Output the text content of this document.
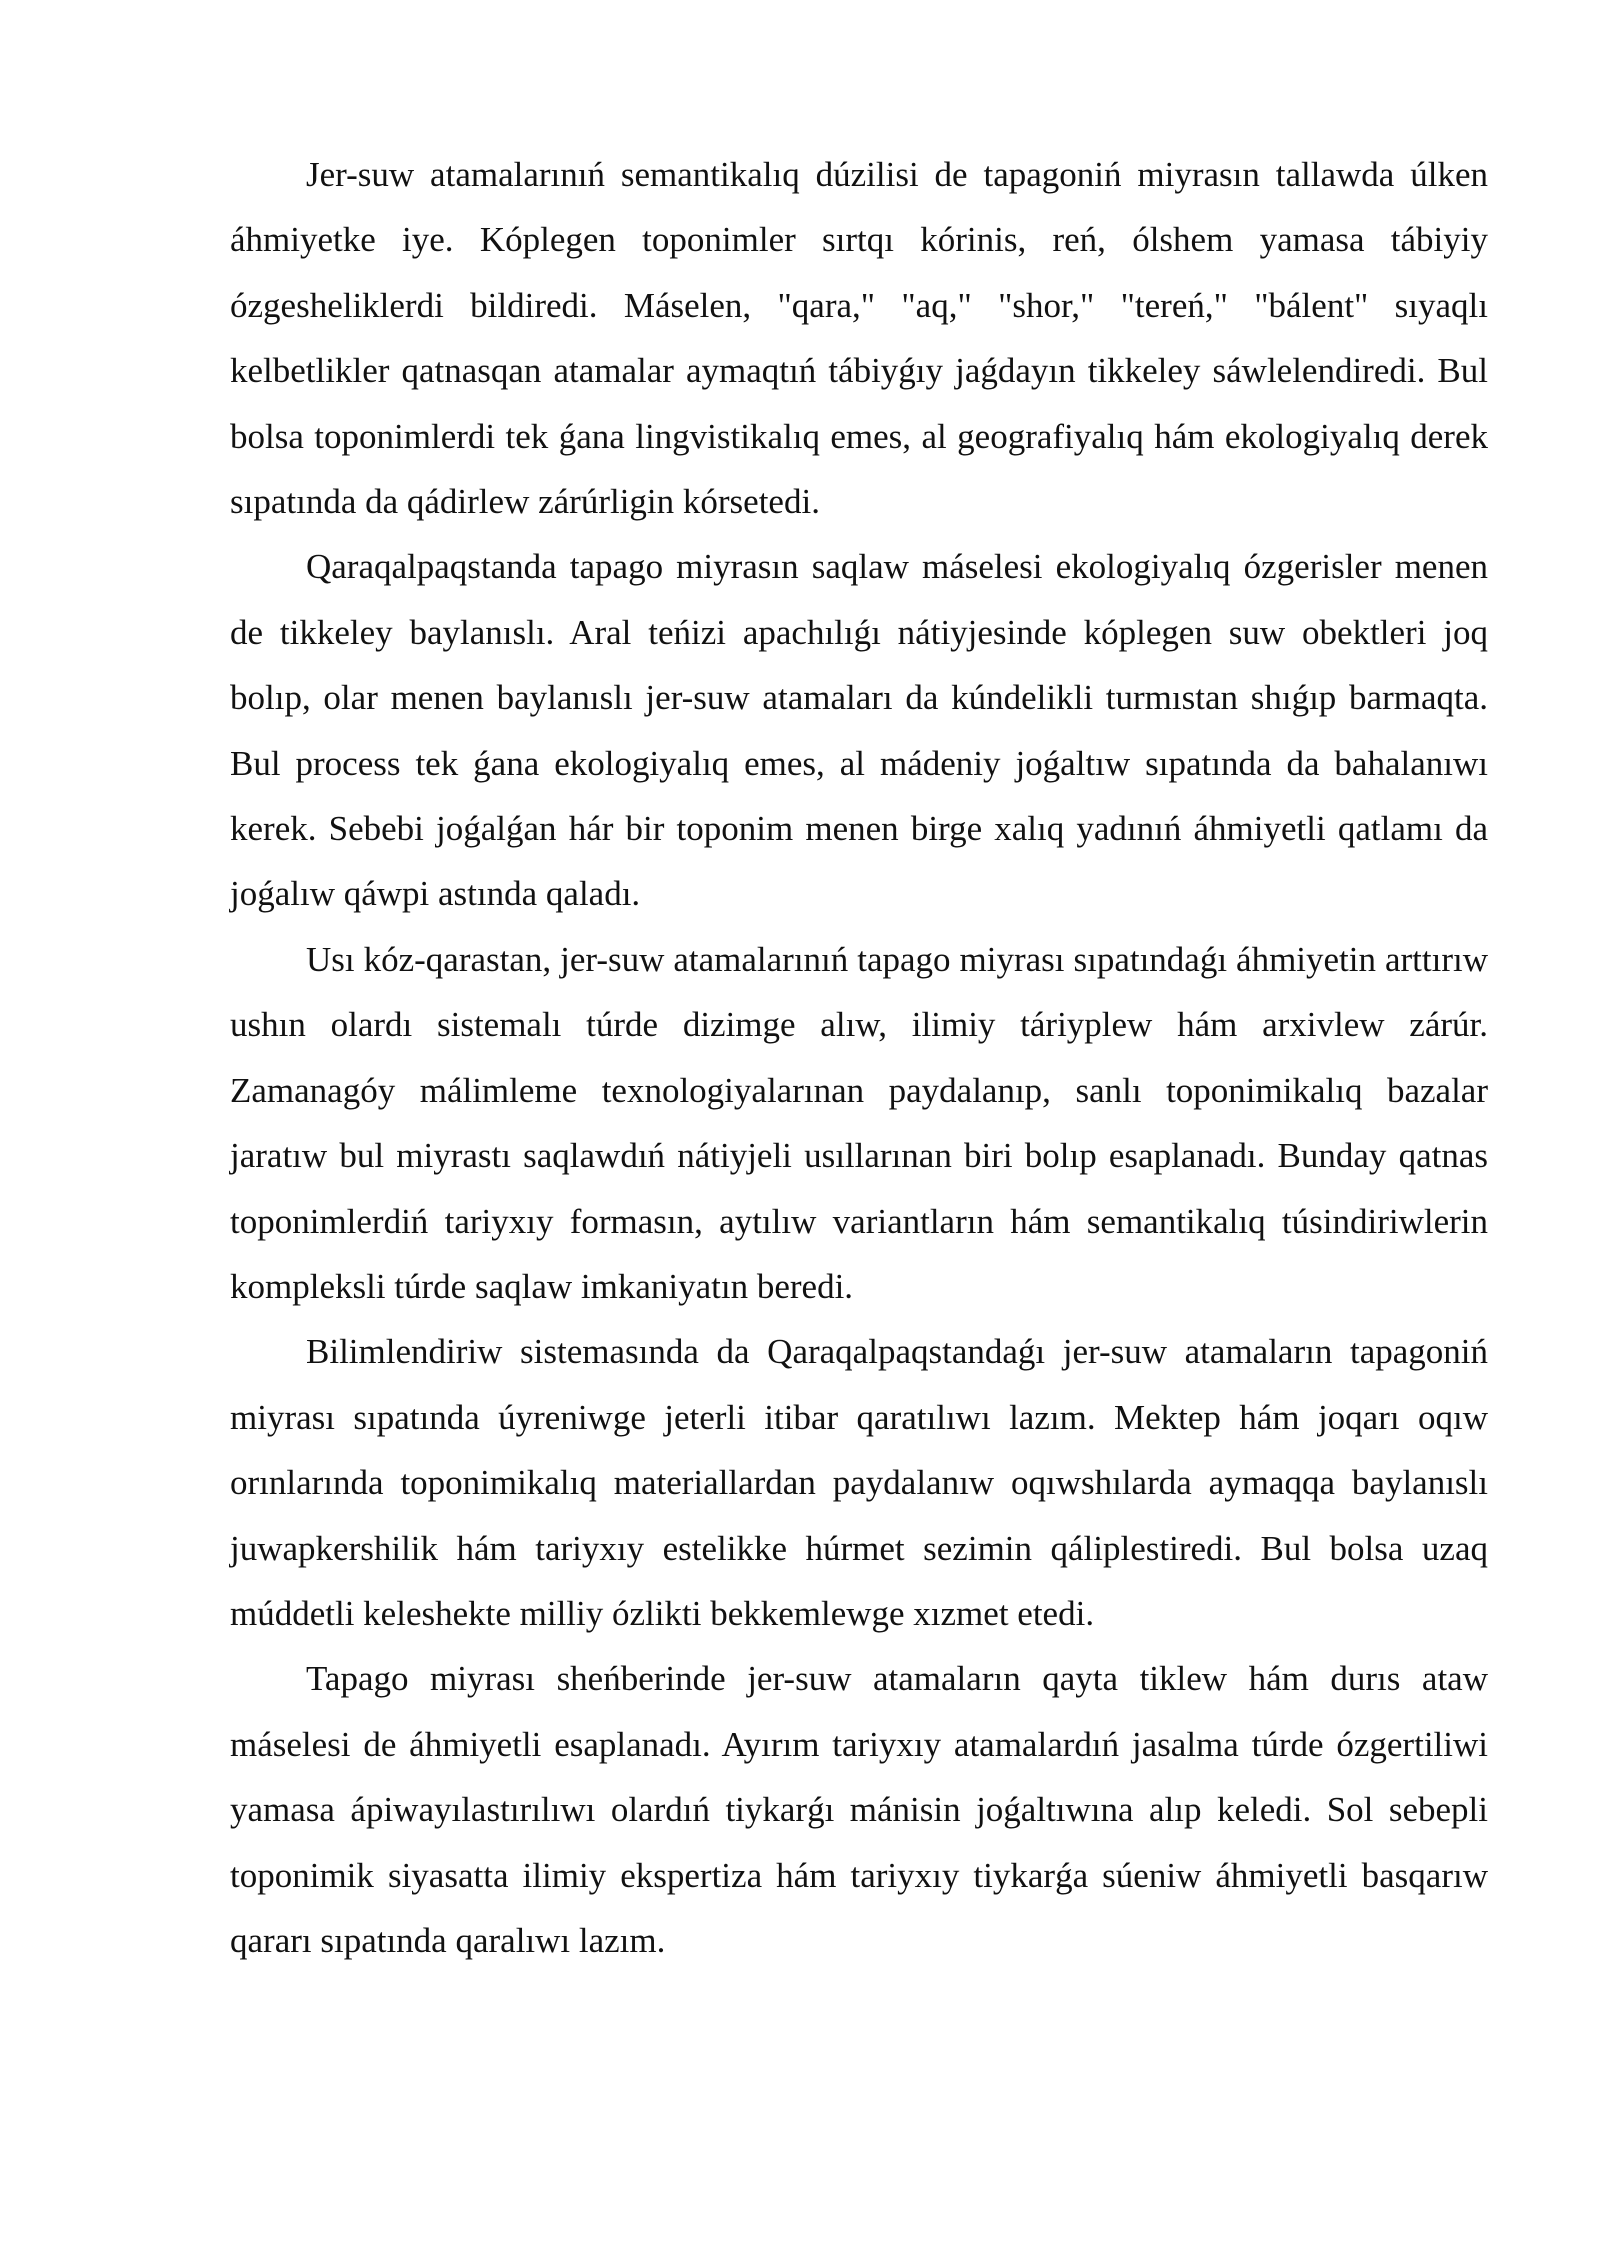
Jer-suw atamalarınıń semantikalıq dúzilisi de tapagoniń miyrasın tallawda úlken áhmiyetke iye. Kóplegen toponimler sırtqı kórinis, reń, ólshem yamasa tábiyiy ózgesheliklerdi bildiredi. Máselen, "qara," "aq," "shor," "tereń," "bálent" sıyaqlı kelbetlikler qatnasqan atamalar aymaqtıń tábiyǵıy jaǵdayın tikkeley sáwlelendiredi. Bul bolsa toponimlerdi tek ǵana lingvistikalıq emes, al geografiyalıq hám ekologiyalıq derek sıpatında da qádirlew zárúrligin kórsetedi.

Qaraqalpaqstanda tapago miyrasın saqlaw máselesi ekologiyalıq ózgerisler menen de tikkeley baylanıslı. Aral teńizi apachılıǵı nátiyjesinde kóplegen suw obektleri joq bolıp, olar menen baylanıslı jer-suw atamaları da kúndelikli turmıstan shıǵıp barmaqta. Bul process tek ǵana ekologiyalıq emes, al mádeniy joǵaltıw sıpatında da bahalanıwı kerek. Sebebi joǵalǵan hár bir toponim menen birge xalıq yadınıń áhmiyetli qatlamı da joǵalıw qáwpi astında qaladı.

Usı kóz-qarastan, jer-suw atamalarınıń tapago miyrası sıpatındaǵı áhmiyetin arttırıw ushın olardı sistemalı túrde dizimge alıw, ilimiy táriyplew hám arxivlew zárúr. Zamanagóy málimleme texnologiyalarınan paydalanıp, sanlı toponimikalıq bazalar jaratıw bul miyrastı saqlawdıń nátiyjeli usıllarınan biri bolıp esaplanadı. Bunday qatnas toponimlerdiń tariyxıy formasın, aytılıw variantların hám semantikalıq túsindiriwlerin kompleksli túrde saqlaw imkaniyatın beredi.

Bilimlendiriw sistemasında da Qaraqalpaqstandaǵı jer-suw atamaların tapagoniń miyrası sıpatında úyreniwge jeterli itibar qaratılıwı lazım. Mektep hám joqarı oqıw orınlarında toponimikalıq materiallardan paydalanıw oqıwshılarda aymaqqa baylanıslı juwapkershilik hám tariyxıy estelikke húrmet sezimin qáliplestiredi. Bul bolsa uzaq múddetli keleshekte milliy ózlikti bekkemlewge xızmet etedi.

Tapago miyrası sheńberinde jer-suw atamaların qayta tiklew hám durıs ataw máselesi de áhmiyetli esaplanadı. Ayırım tariyxıy atamalardıń jasalma túrde ózgertiliwi yamasa ápiwayılastırılıwı olardıń tiykarǵı mánisin joǵaltıwına alıp keledi. Sol sebepli toponimik siyasatta ilimiy ekspertiza hám tariyxıy tiykarǵa súeniw áhmiyetli basqarıw qararı sıpatında qaralıwı lazım.
